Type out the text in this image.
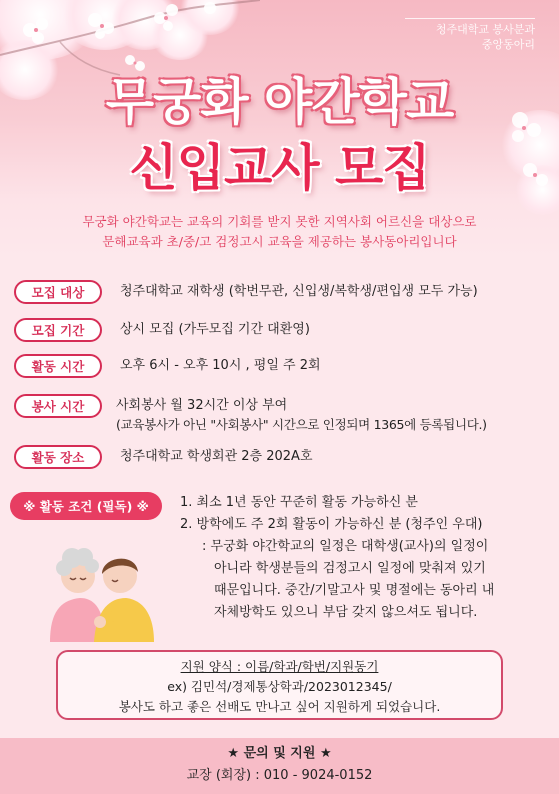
청주대학교 봉사분과
중앙동아리
무궁화 야간학교
신입교사 모집
무궁화 야간학교는 교육의 기회를 받지 못한 지역사회 어르신을 대상으로
문해교육과 초/중/고 검정고시 교육을 제공하는 봉사동아리입니다
모집 대상	청주대학교 재학생 (학번무관, 신입생/복학생/편입생 모두 가능)
모집 기간	상시 모집 (가두모집 기간 대환영)
활동 시간	오후 6시 - 오후 10시 , 평일 주 2회
봉사 시간	사회봉사 월 32시간 이상 부여
(교육봉사가 아닌 "사회봉사" 시간으로 인정되며 1365에 등록됩니다.)
활동 장소	청주대학교 학생회관 2층 202A호
※ 활동 조건 (필독) ※	1. 최소 1년 동안 꾸준히 활동 가능하신 분
2. 방학에도 주 2회 활동이 가능하신 분 (청주인 우대)
: 무궁화 야간학교의 일정은 대학생(교사)의 일정이
아니라 학생분들의 검정고시 일정에 맞춰져 있기
때문입니다. 중간/기말고사 및 명절에는 동아리 내
자체방학도 있으니 부담 갖지 않으셔도 됩니다.
지원 양식 : 이름/학과/학번/지원동기
ex) 김민석/경제통상학과/2023012345/
봉사도 하고 좋은 선배도 만나고 싶어 지원하게 되었습니다.
★ 문의 및 지원 ★
교장 (회장) : 010 - 9024-0152
